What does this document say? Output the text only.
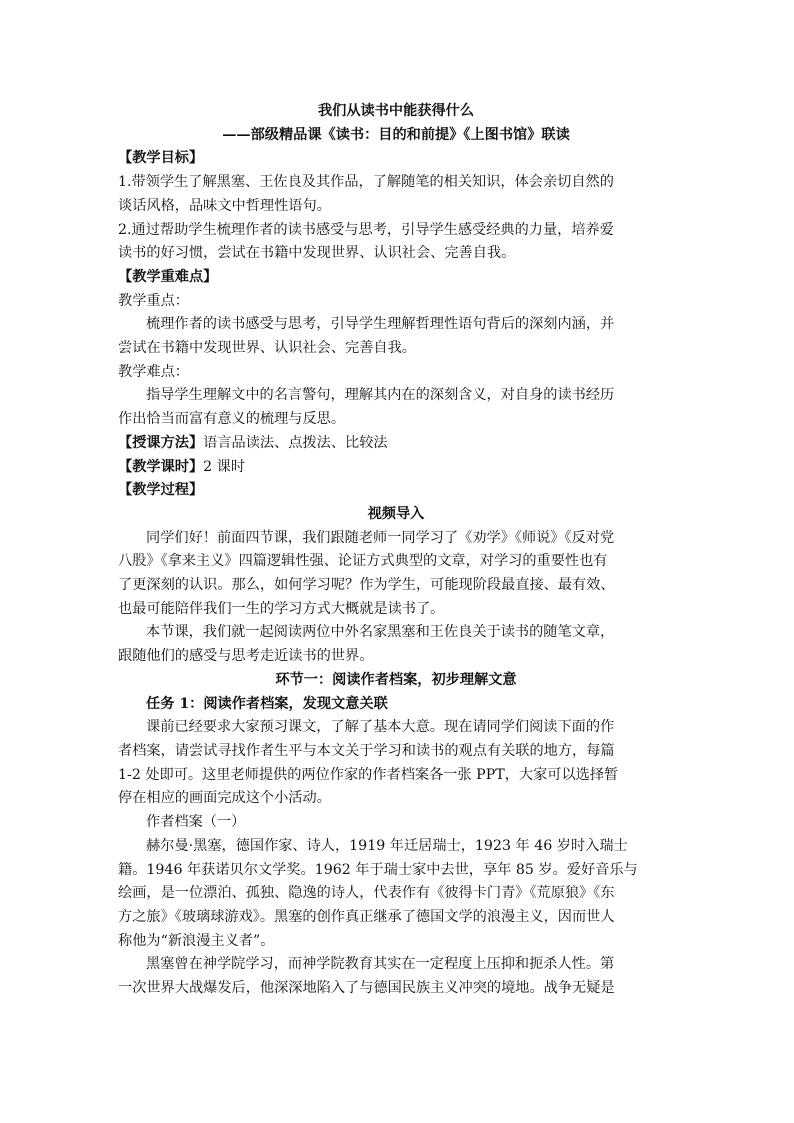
我们从读书中能获得什么
——部级精品课《读书：目的和前提》《上图书馆》联读
【教学目标】
1.带领学生了解黑塞、王佐良及其作品，了解随笔的相关知识，体会亲切自然的
谈话风格，品味文中哲理性语句。
2.通过帮助学生梳理作者的读书感受与思考，引导学生感受经典的力量，培养爱
读书的好习惯，尝试在书籍中发现世界、认识社会、完善自我。
【教学重难点】
教学重点：
梳理作者的读书感受与思考，引导学生理解哲理性语句背后的深刻内涵，并
尝试在书籍中发现世界、认识社会、完善自我。
教学难点：
指导学生理解文中的名言警句，理解其内在的深刻含义，对自身的读书经历
作出恰当而富有意义的梳理与反思。
【授课方法】语言品读法、点拨法、比较法
【教学课时】2 课时
【教学过程】
视频导入
同学们好！前面四节课，我们跟随老师一同学习了《劝学》《师说》《反对党
八股》《拿来主义》四篇逻辑性强、论证方式典型的文章，对学习的重要性也有
了更深刻的认识。那么，如何学习呢？作为学生，可能现阶段最直接、最有效、
也最可能陪伴我们一生的学习方式大概就是读书了。
本节课，我们就一起阅读两位中外名家黑塞和王佐良关于读书的随笔文章，
跟随他们的感受与思考走近读书的世界。
环节一：阅读作者档案，初步理解文意
任务 1：阅读作者档案，发现文意关联
课前已经要求大家预习课文，了解了基本大意。现在请同学们阅读下面的作
者档案，请尝试寻找作者生平与本文关于学习和读书的观点有关联的地方，每篇
1-2 处即可。这里老师提供的两位作家的作者档案各一张 PPT，大家可以选择暂
停在相应的画面完成这个小活动。
作者档案（一）
赫尔曼·黑塞，德国作家、诗人，1919 年迁居瑞士，1923 年 46 岁时入瑞士
籍。1946 年获诺贝尔文学奖。1962 年于瑞士家中去世，享年 85 岁。爱好音乐与
绘画，是一位漂泊、孤独、隐逸的诗人，代表作有《彼得卡门青》《荒原狼》《东
方之旅》《玻璃球游戏》。黑塞的创作真正继承了德国文学的浪漫主义，因而世人
称他为“新浪漫主义者”。
黑塞曾在神学院学习，而神学院教育其实在一定程度上压抑和扼杀人性。第
一次世界大战爆发后，他深深地陷入了与德国民族主义冲突的境地。战争无疑是
